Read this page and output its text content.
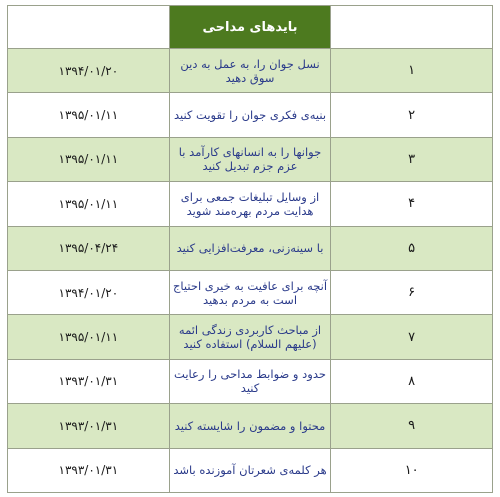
	بایدهای مداحی	
۱	نسل جوان را، به عمل به دین سوق دهید	۱۳۹۴/۰۱/۲۰
۲	بنیه‌ی فکری جوان را تقویت کنید	۱۳۹۵/۰۱/۱۱
۳	جوانها را به انسانهای کارآمد با عزم جزم تبدیل کنید	۱۳۹۵/۰۱/۱۱
۴	از وسایل تبلیغات جمعی برای هدایت مردم بهره‌مند شوید	۱۳۹۵/۰۱/۱۱
۵	با سینه‌زنی، معرفت‌افزایی کنید	۱۳۹۵/۰۴/۲۴
۶	آنچه برای عافیت به خیری احتیاج است به مردم بدهید	۱۳۹۴/۰۱/۲۰
۷	از مباحث کاربردی زندگی ائمه (علیهم السلام) استفاده کنید	۱۳۹۵/۰۱/۱۱
۸	حدود و ضوابط مداحی را رعایت کنید	۱۳۹۳/۰۱/۳۱
۹	محتوا و مضمون را شایسته کنید	۱۳۹۳/۰۱/۳۱
۱۰	هر کلمه‌ی شعرتان آموزنده باشد	۱۳۹۳/۰۱/۳۱
